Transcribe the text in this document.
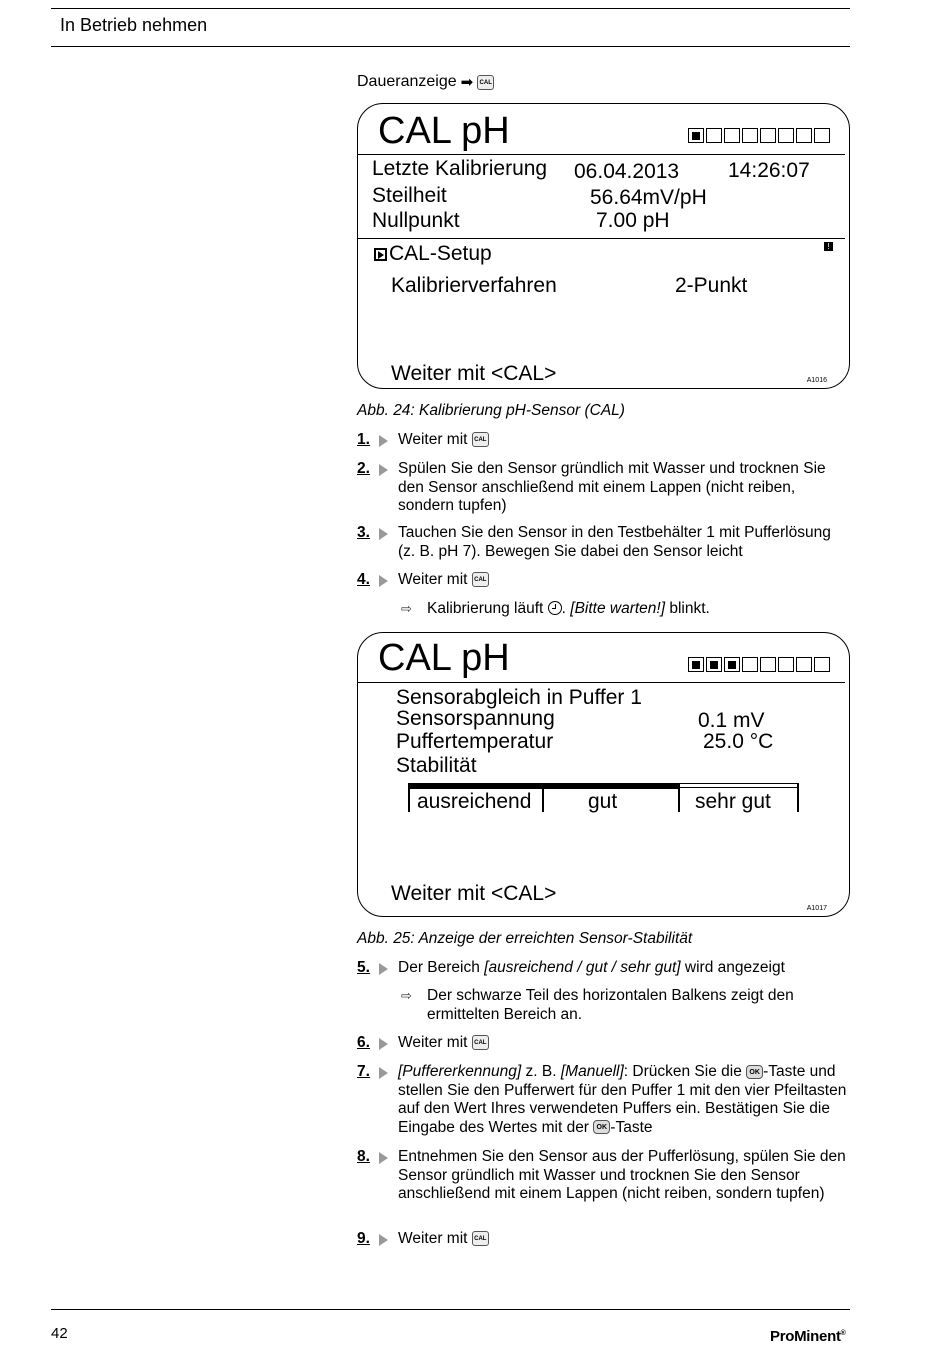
In Betrieb nehmen
Daueranzeige ➡	CAL
CAL pH
Letzte Kalibrierung 06.04.2013 14:26:07
Steilheit	56.64mV/pH
Nullpunkt	7.00 pH
CAL-Setup	!
Kalibrierverfahren	2-Punkt
Weiter mit <CAL>	A1016
Abb. 24: Kalibrierung pH-Sensor (CAL)
1. Weiter mit CAL
2. Spülen Sie den Sensor gründlich mit Wasser und trocknen Sie den Sensor anschließend mit einem Lappen (nicht reiben, sondern tupfen)
3. Tauchen Sie den Sensor in den Testbehälter 1 mit Pufferlösung (z. B. pH 7). Bewegen Sie dabei den Sensor leicht
4. Weiter mit CAL
⇨ Kalibrierung läuft . [Bitte warten!] blinkt.
CAL pH
Sensorabgleich in Puffer 1
Sensorspannung	0.1 mV
Puffertemperatur	25.0 °C
Stabilität
ausreichend	gut	sehr gut
Weiter mit <CAL>
A1017
Abb. 25: Anzeige der erreichten Sensor-Stabilität
5. Der Bereich [ausreichend / gut / sehr gut] wird angezeigt
⇨ Der schwarze Teil des horizontalen Balkens zeigt den ermittelten Bereich an.
6. Weiter mit CAL
7. [Puffererkennung] z. B. [Manuell]: Drücken Sie die OK -Taste und stellen Sie den Pufferwert für den Puffer 1 mit den vier Pfeiltasten auf den Wert Ihres verwendeten Puffers ein. Bestätigen Sie die Eingabe des Wertes mit der OK -Taste
8. Entnehmen Sie den Sensor aus der Pufferlösung, spülen Sie den Sensor gründlich mit Wasser und trocknen Sie den Sensor anschließend mit einem Lappen (nicht reiben, sondern tupfen)
9. Weiter mit CAL
42	ProMinent®
